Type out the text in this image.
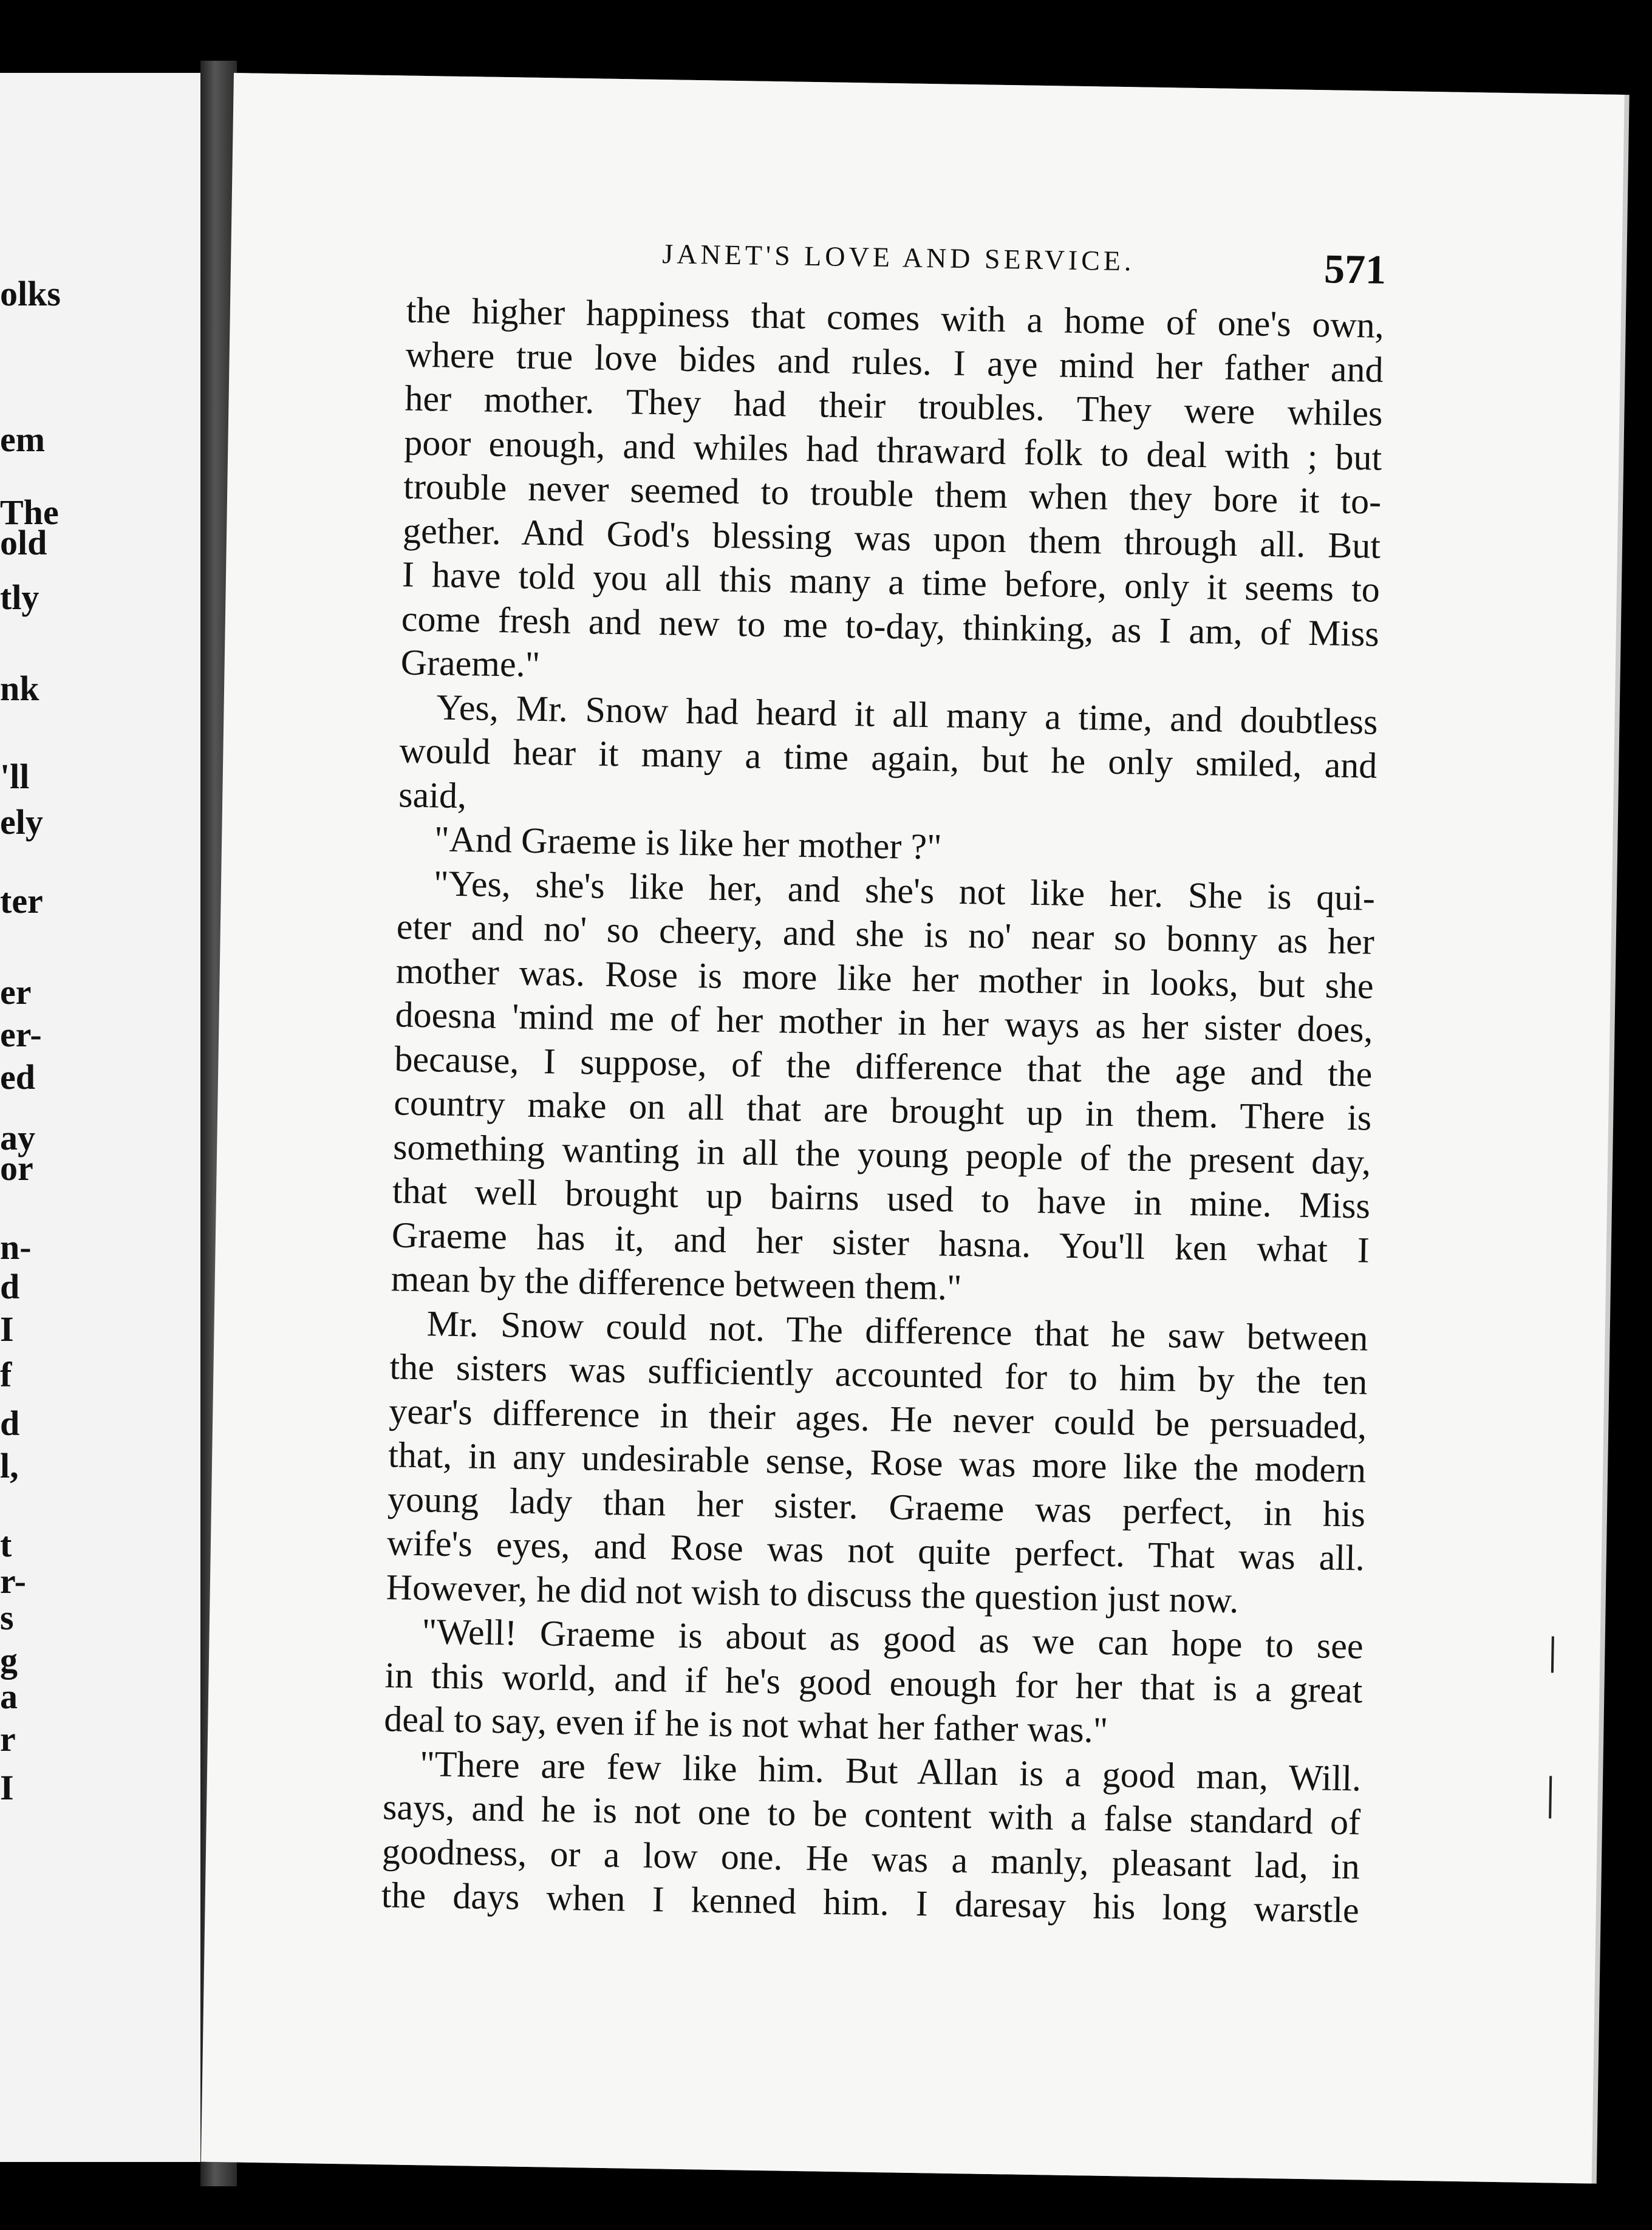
olks
em
The
old
tly
nk
'll
ely
ter
er
er-
ed
ay
or
n-
d
I
f
d
l,
t
r-
s
g
a
r
I
JANET'S LOVE AND SERVICE.	571
the higher happiness that comes with a home of one's own,
where true love bides and rules. I aye mind her father and
her mother. They had their troubles. They were whiles
poor enough, and whiles had thraward folk to deal with ; but
trouble never seemed to trouble them when they bore it to-
gether. And God's blessing was upon them through all. But
I have told you all this many a time before, only it seems to
come fresh and new to me to-day, thinking, as I am, of Miss
Graeme."
Yes, Mr. Snow had heard it all many a time, and doubtless
would hear it many a time again, but he only smiled, and
said,
"And Graeme is like her mother ?"
"Yes, she's like her, and she's not like her. She is qui-
eter and no' so cheery, and she is no' near so bonny as her
mother was. Rose is more like her mother in looks, but she
doesna 'mind me of her mother in her ways as her sister does,
because, I suppose, of the difference that the age and the
country make on all that are brought up in them. There is
something wanting in all the young people of the present day,
that well brought up bairns used to have in mine. Miss
Graeme has it, and her sister hasna. You'll ken what I
mean by the difference between them."
Mr. Snow could not. The difference that he saw between
the sisters was sufficiently accounted for to him by the ten
year's difference in their ages. He never could be persuaded,
that, in any undesirable sense, Rose was more like the modern
young lady than her sister. Graeme was perfect, in his
wife's eyes, and Rose was not quite perfect. That was all.
However, he did not wish to discuss the question just now.
"Well! Graeme is about as good as we can hope to see
in this world, and if he's good enough for her that is a great
deal to say, even if he is not what her father was."
"There are few like him. But Allan is a good man, Will.
says, and he is not one to be content with a false standard of
goodness, or a low one. He was a manly, pleasant lad, in
the days when I kenned him. I daresay his long warstle
